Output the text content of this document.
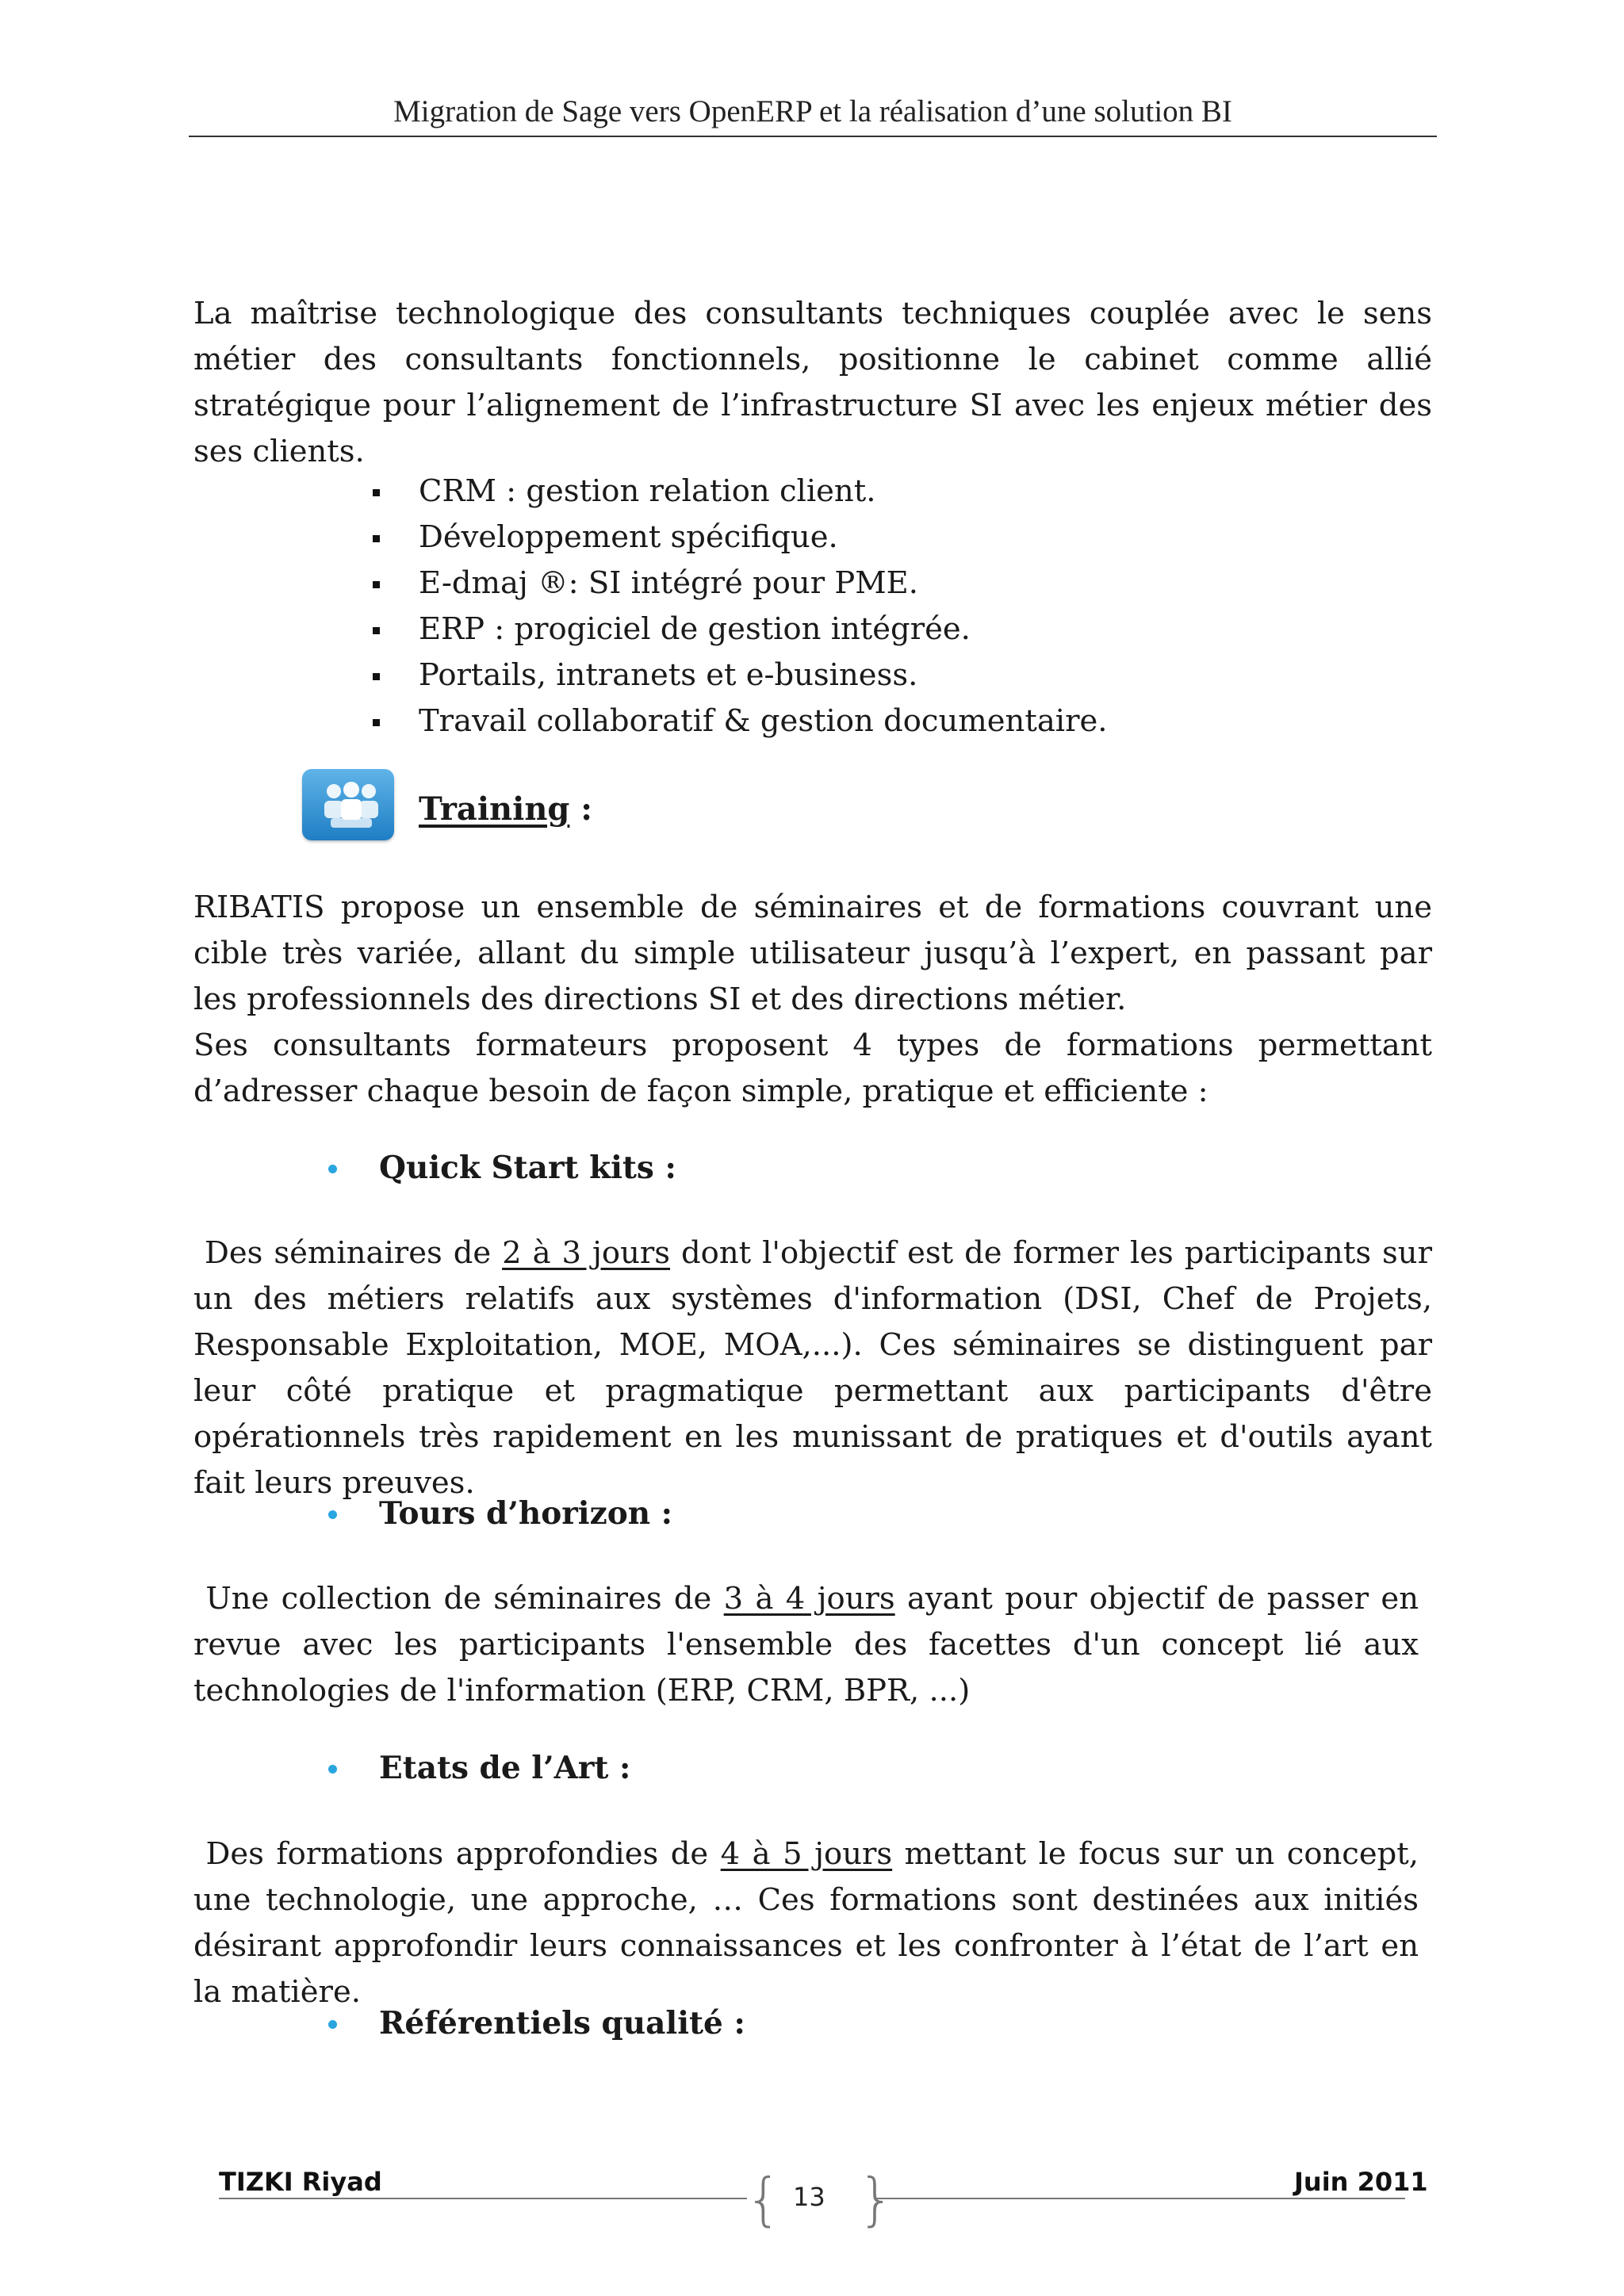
Migration de Sage vers OpenERP et la réalisation d’une solution BI

La maîtrise technologique des consultants techniques couplée avec le sens métier des consultants fonctionnels, positionne le cabinet comme allié stratégique pour l’alignement de l’infrastructure SI avec les enjeux métier des ses clients.

CRM : gestion relation client.
Développement spécifique.
E-dmaj ®: SI intégré pour PME.
ERP : progiciel de gestion intégrée.
Portails, intranets et e-business.
Travail collaboratif & gestion documentaire.
Training :

RIBATIS propose un ensemble de séminaires et de formations couvrant une cible très variée, allant du simple utilisateur jusqu’à l’expert, en passant par les professionnels des directions SI et des directions métier.

Ses consultants formateurs proposent 4 types de formations permettant d’adresser chaque besoin de façon simple, pratique et efficiente :

Quick Start kits :

Des séminaires de 2 à 3 jours dont l'objectif est de former les participants sur un des métiers relatifs aux systèmes d'information (DSI, Chef de Projets, Responsable Exploitation, MOE, MOA,...). Ces séminaires se distinguent par leur côté pratique et pragmatique permettant aux participants d'être opérationnels très rapidement en les munissant de pratiques et d'outils ayant fait leurs preuves.

Tours d’horizon :

Une collection de séminaires de 3 à 4 jours ayant pour objectif de passer en revue avec les participants l'ensemble des facettes d'un concept lié aux technologies de l'information (ERP, CRM, BPR, ...)

Etats de l’Art :

Des formations approfondies de 4 à 5 jours mettant le focus sur un concept, une technologie, une approche, … Ces formations sont destinées aux initiés désirant approfondir leurs connaissances et les confronter à l’état de l’art en la matière.

Référentiels qualité :
TIZKI Riyad	Juin 2011
{ 13 }
